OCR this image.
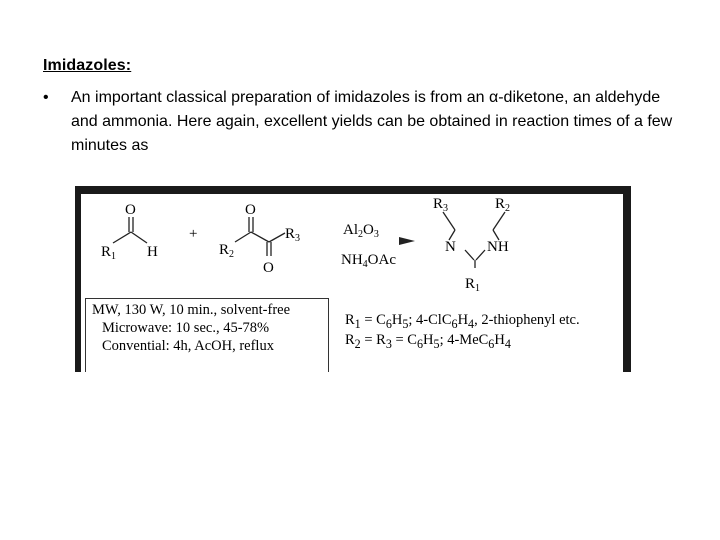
Imidazoles:
• An important classical preparation of imidazoles is from an α-diketone, an aldehyde and ammonia. Here again, excellent yields can be obtained in reaction times of a few minutes as
O
$R_1$ H
+
O
$R_2$
$R_3$
O
$Al_2O_3$
$NH_4OAc$
$R_3$	$R_2$
N NH
$R_1$
MW, 130 W, 10 min., solvent-free
Microwave: 10 sec., 45-78%
Convential: 4h, AcOH, reflux
$R_1 = C_6H_5$; $4-ClC_6H_4$, 2-thiophenyl etc.
$R_2 = R_3 = C_6H_5$; $4-MeC_6H_4$
